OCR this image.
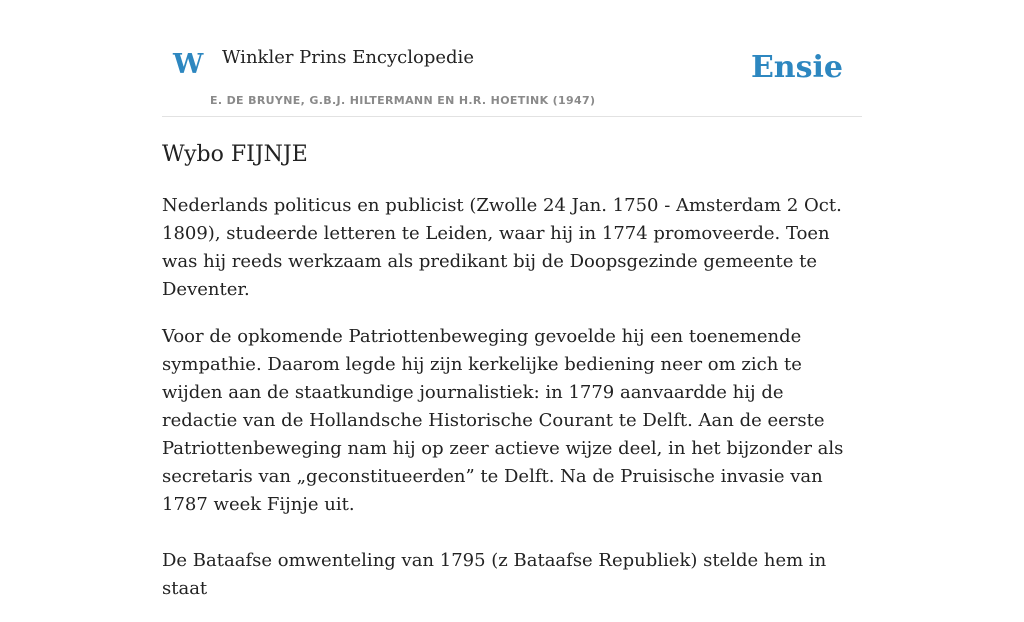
W Winkler Prins Encyclopedie
E. DE BRUYNE, G.B.J. HILTERMANN EN H.R. HOETINK (1947)
Ensie
Wybo FIJNJE

Nederlands politicus en publicist (Zwolle 24 Jan. 1750 - Amsterdam 2 Oct. 1809), studeerde letteren te Leiden, waar hij in 1774 promoveerde. Toen was hij reeds werkzaam als predikant bij de Doopsgezinde gemeente te Deventer.

Voor de opkomende Patriottenbeweging gevoelde hij een toenemende sympathie. Daarom legde hij zijn kerkelijke bediening neer om zich te wijden aan de staatkundige journalistiek: in 1779 aanvaardde hij de redactie van de Hollandsche Historische Courant te Delft. Aan de eerste Patriottenbeweging nam hij op zeer actieve wijze deel, in het bijzonder als secretaris van „geconstitueerden” te Delft. Na de Pruisische invasie van 1787 week Fijnje uit.

De Bataafse omwenteling van 1795 (z Bataafse Republiek) stelde hem in staat
